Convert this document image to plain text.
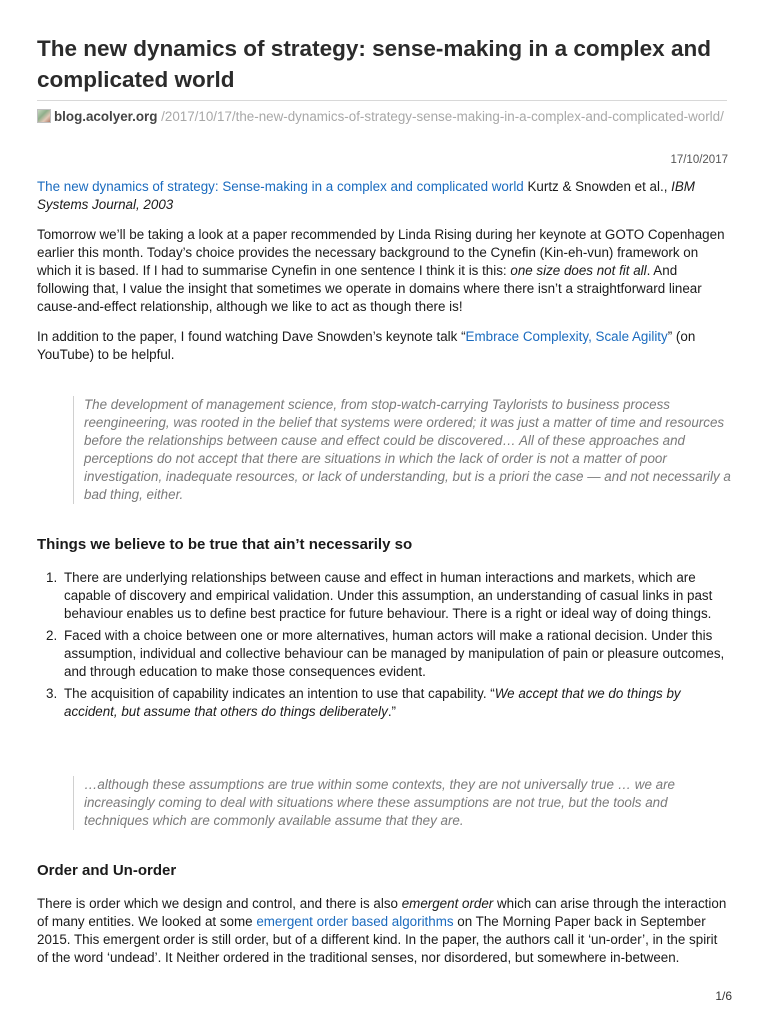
The new dynamics of strategy: sense-making in a complex and complicated world
blog.acolyer.org /2017/10/17/the-new-dynamics-of-strategy-sense-making-in-a-complex-and-complicated-world/
17/10/2017
The new dynamics of strategy: Sense-making in a complex and complicated world Kurtz & Snowden et al., IBM Systems Journal, 2003
Tomorrow we’ll be taking a look at a paper recommended by Linda Rising during her keynote at GOTO Copenhagen earlier this month. Today’s choice provides the necessary background to the Cynefin (Kin-eh-vun) framework on which it is based. If I had to summarise Cynefin in one sentence I think it is this: one size does not fit all. And following that, I value the insight that sometimes we operate in domains where there isn’t a straightforward linear cause-and-effect relationship, although we like to act as though there is!
In addition to the paper, I found watching Dave Snowden’s keynote talk “Embrace Complexity, Scale Agility” (on YouTube) to be helpful.
The development of management science, from stop-watch-carrying Taylorists to business process reengineering, was rooted in the belief that systems were ordered; it was just a matter of time and resources before the relationships between cause and effect could be discovered… All of these approaches and perceptions do not accept that there are situations in which the lack of order is not a matter of poor investigation, inadequate resources, or lack of understanding, but is a priori the case — and not necessarily a bad thing, either.
Things we believe to be true that ain’t necessarily so
1. There are underlying relationships between cause and effect in human interactions and markets, which are capable of discovery and empirical validation. Under this assumption, an understanding of casual links in past behaviour enables us to define best practice for future behaviour. There is a right or ideal way of doing things.
2. Faced with a choice between one or more alternatives, human actors will make a rational decision. Under this assumption, individual and collective behaviour can be managed by manipulation of pain or pleasure outcomes, and through education to make those consequences evident.
3. The acquisition of capability indicates an intention to use that capability. “We accept that we do things by accident, but assume that others do things deliberately.”
…although these assumptions are true within some contexts, they are not universally true … we are increasingly coming to deal with situations where these assumptions are not true, but the tools and techniques which are commonly available assume that they are.
Order and Un-order
There is order which we design and control, and there is also emergent order which can arise through the interaction of many entities. We looked at some emergent order based algorithms on The Morning Paper back in September 2015. This emergent order is still order, but of a different kind. In the paper, the authors call it ‘un-order’, in the spirit of the word ‘undead’. It Neither ordered in the traditional senses, nor disordered, but somewhere in-between.
1/6
